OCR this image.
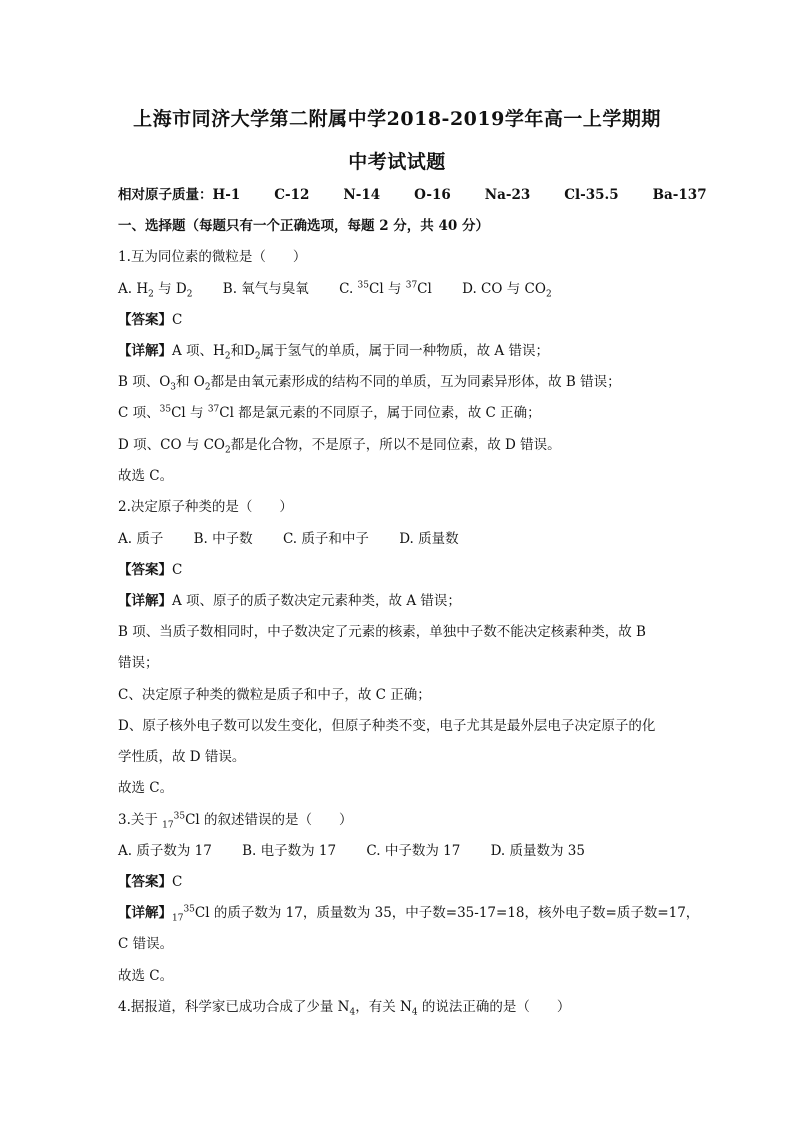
上海市同济大学第二附属中学2018-2019学年高一上学期期
中考试试题
相对原子质量：H-1	C-12	N-14	O-16	Na-23	Cl-35.5	Ba-137
一、选择题（每题只有一个正确选项，每题 2 分，共 40 分）
1.互为同位素的微粒是（　　）
A. $H_2$ 与 $D_2$ B. 氧气与臭氧 C. $^{35}$Cl 与 $^{37}$Cl D. CO 与 $CO_2$
【答案】C
【详解】A 项、$H_2$和$D_2$属于氢气的单质，属于同一种物质，故 A 错误；
B 项、$O_3$和 $O_2$都是由氧元素形成的结构不同的单质，互为同素异形体，故 B 错误；
C 项、$^{35}$Cl 与 $^{37}$Cl 都是氯元素的不同原子，属于同位素，故 C 正确；
D 项、CO 与 $CO_2$都是化合物，不是原子，所以不是同位素，故 D 错误。
故选 C。
2.决定原子种类的是（　　）
A. 质子 B. 中子数 C. 质子和中子 D. 质量数
【答案】C
【详解】A 项、原子的质子数决定元素种类，故 A 错误；
B 项、当质子数相同时，中子数决定了元素的核素，单独中子数不能决定核素种类，故 B
错误；
C、决定原子种类的微粒是质子和中子，故 C 正确；
D、原子核外电子数可以发生变化，但原子种类不变，电子尤其是最外层电子决定原子的化
学性质，故 D 错误。
故选 C。
3.关于 $_{17}^{35}$Cl 的叙述错误的是（　　）
A. 质子数为 17 B. 电子数为 17 C. 中子数为 17 D. 质量数为 35
【答案】C
【详解】$_{17}^{35}$Cl 的质子数为 17，质量数为 35，中子数=35-17=18，核外电子数=质子数=17，
C 错误。
故选 C。
4.据报道，科学家已成功合成了少量 $N_4$，有关 $N_4$ 的说法正确的是（　　）
